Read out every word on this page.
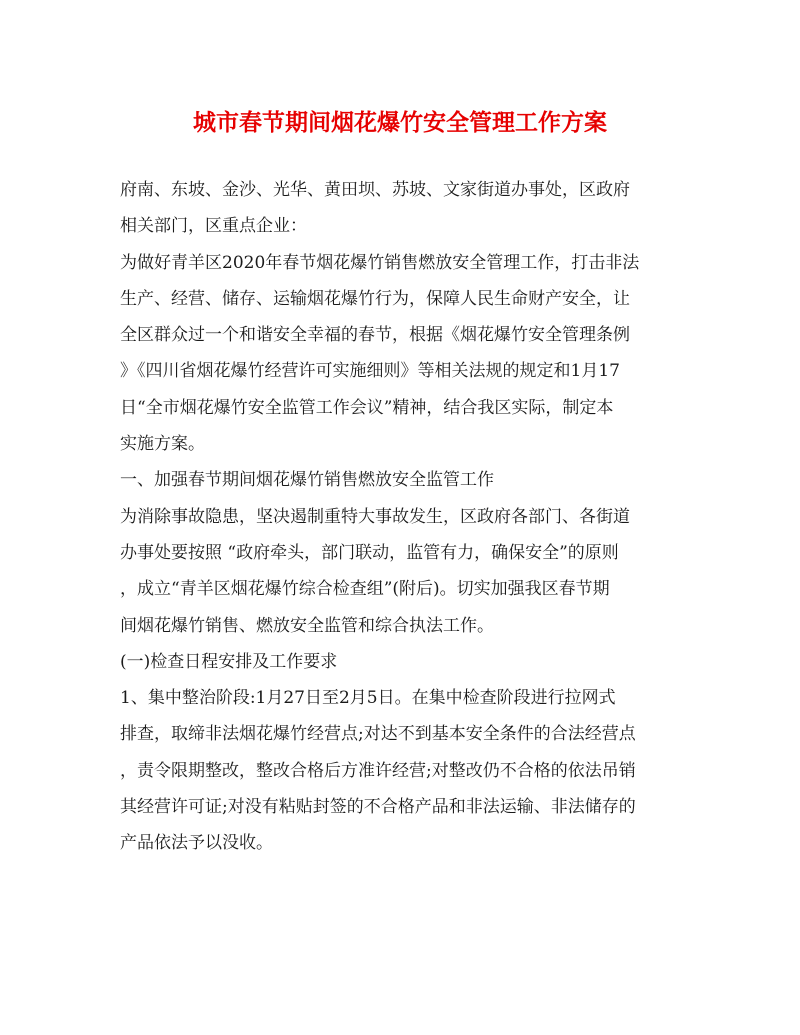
城市春节期间烟花爆竹安全管理工作方案
府南、东坡、金沙、光华、黄田坝、苏坡、文家街道办事处，区政府
相关部门，区重点企业：
为做好青羊区2020年春节烟花爆竹销售燃放安全管理工作，打击非法
生产、经营、储存、运输烟花爆竹行为，保障人民生命财产安全，让
全区群众过一个和谐安全幸福的春节，根据《烟花爆竹安全管理条例
》《四川省烟花爆竹经营许可实施细则》等相关法规的规定和1月17
日“全市烟花爆竹安全监管工作会议”精神，结合我区实际，制定本
实施方案。
一、加强春节期间烟花爆竹销售燃放安全监管工作
为消除事故隐患，坚决遏制重特大事故发生，区政府各部门、各街道
办事处要按照 “政府牵头，部门联动，监管有力，确保安全”的原则
，成立“青羊区烟花爆竹综合检查组”(附后)。切实加强我区春节期
间烟花爆竹销售、燃放安全监管和综合执法工作。
(一)检查日程安排及工作要求
1、集中整治阶段:1月27日至2月5日。在集中检查阶段进行拉网式
排查，取缔非法烟花爆竹经营点;对达不到基本安全条件的合法经营点
，责令限期整改，整改合格后方准许经营;对整改仍不合格的依法吊销
其经营许可证;对没有粘贴封签的不合格产品和非法运输、非法储存的
产品依法予以没收。
